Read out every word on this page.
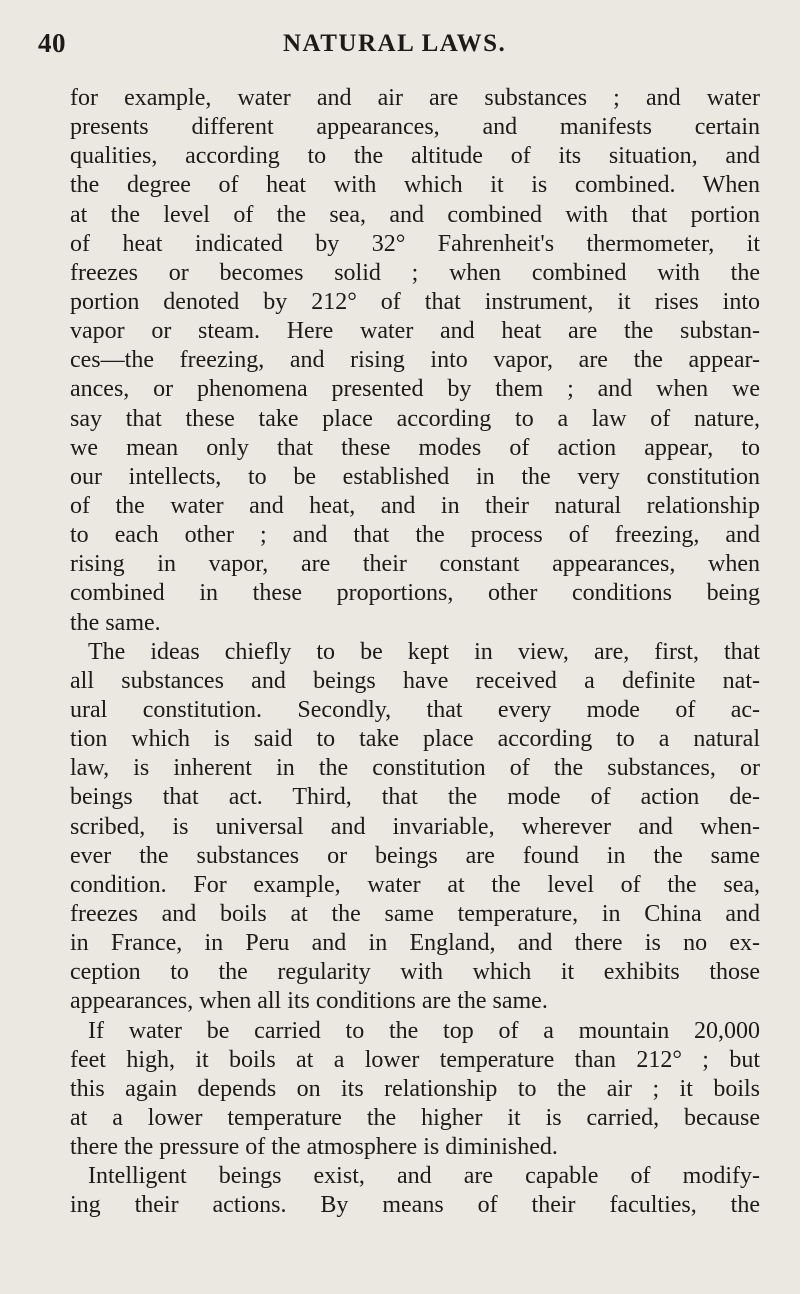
40	NATURAL LAWS.
for example, water and air are substances ; and water
presents different appearances, and manifests certain
qualities, according to the altitude of its situation, and
the degree of heat with which it is combined. When
at the level of the sea, and combined with that portion
of heat indicated by 32° Fahrenheit's thermometer, it
freezes or becomes solid ; when combined with the
portion denoted by 212° of that instrument, it rises into
vapor or steam. Here water and heat are the substan-
ces—the freezing, and rising into vapor, are the appear-
ances, or phenomena presented by them ; and when we
say that these take place according to a law of nature,
we mean only that these modes of action appear, to
our intellects, to be established in the very constitution
of the water and heat, and in their natural relationship
to each other ; and that the process of freezing, and
rising in vapor, are their constant appearances, when
combined in these proportions, other conditions being
the same.
The ideas chiefly to be kept in view, are, first, that
all substances and beings have received a definite nat-
ural constitution. Secondly, that every mode of ac-
tion which is said to take place according to a natural
law, is inherent in the constitution of the substances, or
beings that act. Third, that the mode of action de-
scribed, is universal and invariable, wherever and when-
ever the substances or beings are found in the same
condition. For example, water at the level of the sea,
freezes and boils at the same temperature, in China and
in France, in Peru and in England, and there is no ex-
ception to the regularity with which it exhibits those
appearances, when all its conditions are the same.
If water be carried to the top of a mountain 20,000
feet high, it boils at a lower temperature than 212° ; but
this again depends on its relationship to the air ; it boils
at a lower temperature the higher it is carried, because
there the pressure of the atmosphere is diminished.
Intelligent beings exist, and are capable of modify-
ing their actions. By means of their faculties, the
